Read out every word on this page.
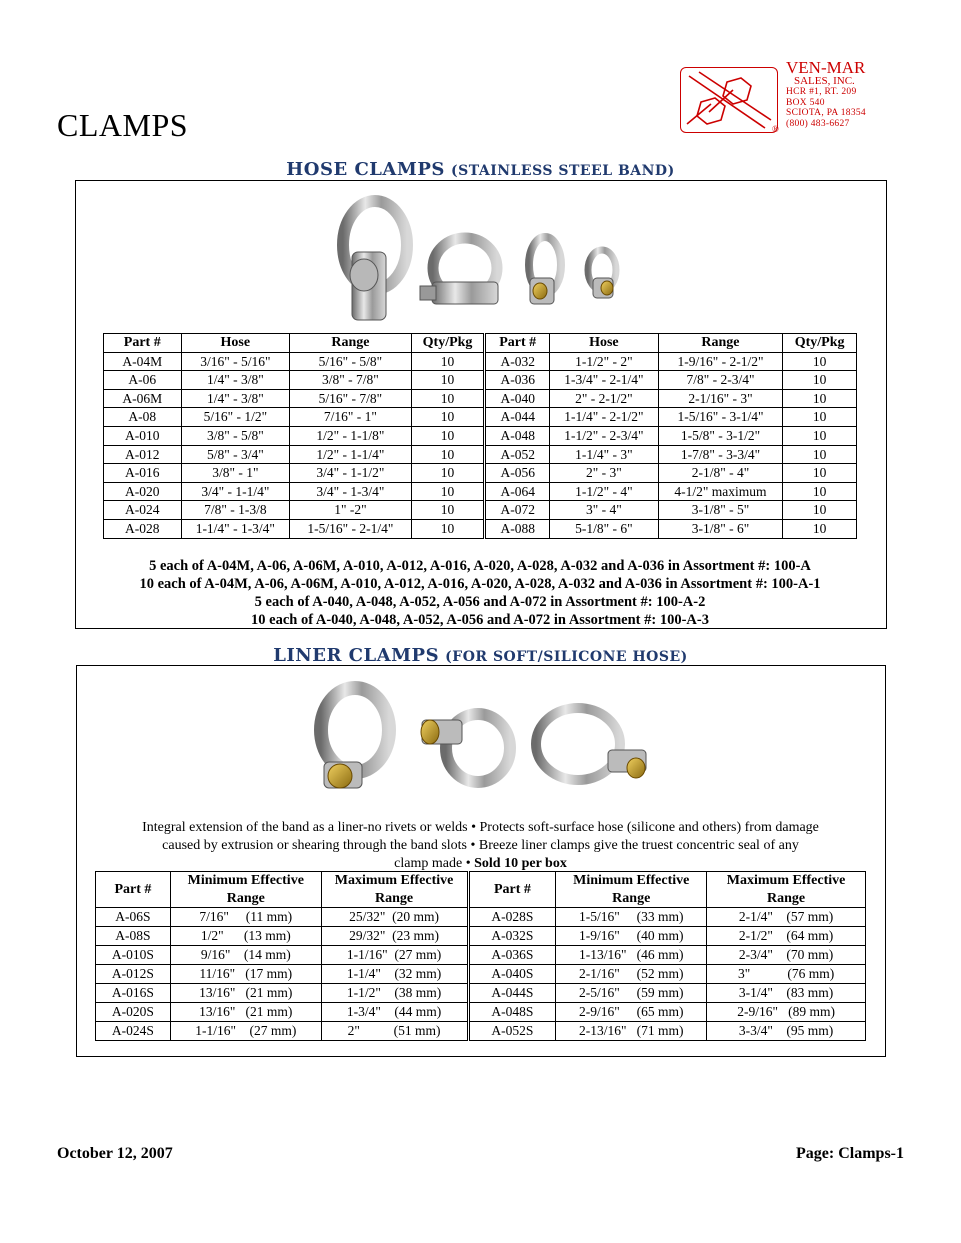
CLAMPS
VEN-MAR
SALES, INC.
HCR #1, RT. 209
BOX 540
SCIOTA, PA 18354
(800) 483-6627
®
HOSE CLAMPS (STAINLESS STEEL BAND)
Part #	Hose	Range	Qty/Pkg	Part #	Hose	Range	Qty/Pkg
A-04M	3/16" - 5/16"	5/16" - 5/8"	10	A-032	1-1/2" - 2"	1-9/16" - 2-1/2"	10
A-06	1/4" - 3/8"	3/8" - 7/8"	10	A-036	1-3/4" - 2-1/4"	7/8" - 2-3/4"	10
A-06M	1/4" - 3/8"	5/16" - 7/8"	10	A-040	2" - 2-1/2"	2-1/16" - 3"	10
A-08	5/16" - 1/2"	7/16" - 1"	10	A-044	1-1/4" - 2-1/2"	1-5/16" - 3-1/4"	10
A-010	3/8" - 5/8"	1/2" - 1-1/8"	10	A-048	1-1/2" - 2-3/4"	1-5/8" - 3-1/2"	10
A-012	5/8" - 3/4"	1/2" - 1-1/4"	10	A-052	1-1/4" - 3"	1-7/8" - 3-3/4"	10
A-016	3/8" - 1"	3/4" - 1-1/2"	10	A-056	2" - 3"	2-1/8" - 4"	10
A-020	3/4" - 1-1/4"	3/4" - 1-3/4"	10	A-064	1-1/2" - 4"	4-1/2" maximum	10
A-024	7/8" - 1-3/8	1" -2"	10	A-072	3" - 4"	3-1/8" - 5"	10
A-028	1-1/4" - 1-3/4"	1-5/16" - 2-1/4"	10	A-088	5-1/8" - 6"	3-1/8" - 6"	10
5 each of A-04M, A-06, A-06M, A-010, A-012, A-016, A-020, A-028, A-032 and A-036 in Assortment #: 100-A
10 each of A-04M, A-06, A-06M, A-010, A-012, A-016, A-020, A-028, A-032 and A-036 in Assortment #: 100-A-1
5 each of A-040, A-048, A-052, A-056 and A-072 in Assortment #: 100-A-2
10 each of A-040, A-048, A-052, A-056 and A-072 in Assortment #: 100-A-3
LINER CLAMPS (FOR SOFT/SILICONE HOSE)
Integral extension of the band as a liner-no rivets or welds • Protects soft-surface hose (silicone and others) from damage
caused by extrusion or shearing through the band slots • Breeze liner clamps give the truest concentric seal of any
clamp made • Sold 10 per box
Part #	Minimum Effective Range	Maximum Effective Range	Part #	Minimum Effective Range	Maximum Effective Range
A-06S	7/16"     (11 mm)	25/32"  (20 mm)	A-028S	1-5/16"     (33 mm)	2-1/4"    (57 mm)
A-08S	1/2"      (13 mm)	29/32"  (23 mm)	A-032S	1-9/16"     (40 mm)	2-1/2"    (64 mm)
A-010S	9/16"    (14 mm)	1-1/16"  (27 mm)	A-036S	1-13/16"   (46 mm)	2-3/4"    (70 mm)
A-012S	11/16"   (17 mm)	1-1/4"    (32 mm)	A-040S	2-1/16"     (52 mm)	3"           (76 mm)
A-016S	13/16"   (21 mm)	1-1/2"    (38 mm)	A-044S	2-5/16"     (59 mm)	3-1/4"    (83 mm)
A-020S	13/16"   (21 mm)	1-3/4"    (44 mm)	A-048S	2-9/16"     (65 mm)	2-9/16"   (89 mm)
A-024S	1-1/16"    (27 mm)	2"          (51 mm)	A-052S	2-13/16"   (71 mm)	3-3/4"    (95 mm)
October 12, 2007	Page: Clamps-1
